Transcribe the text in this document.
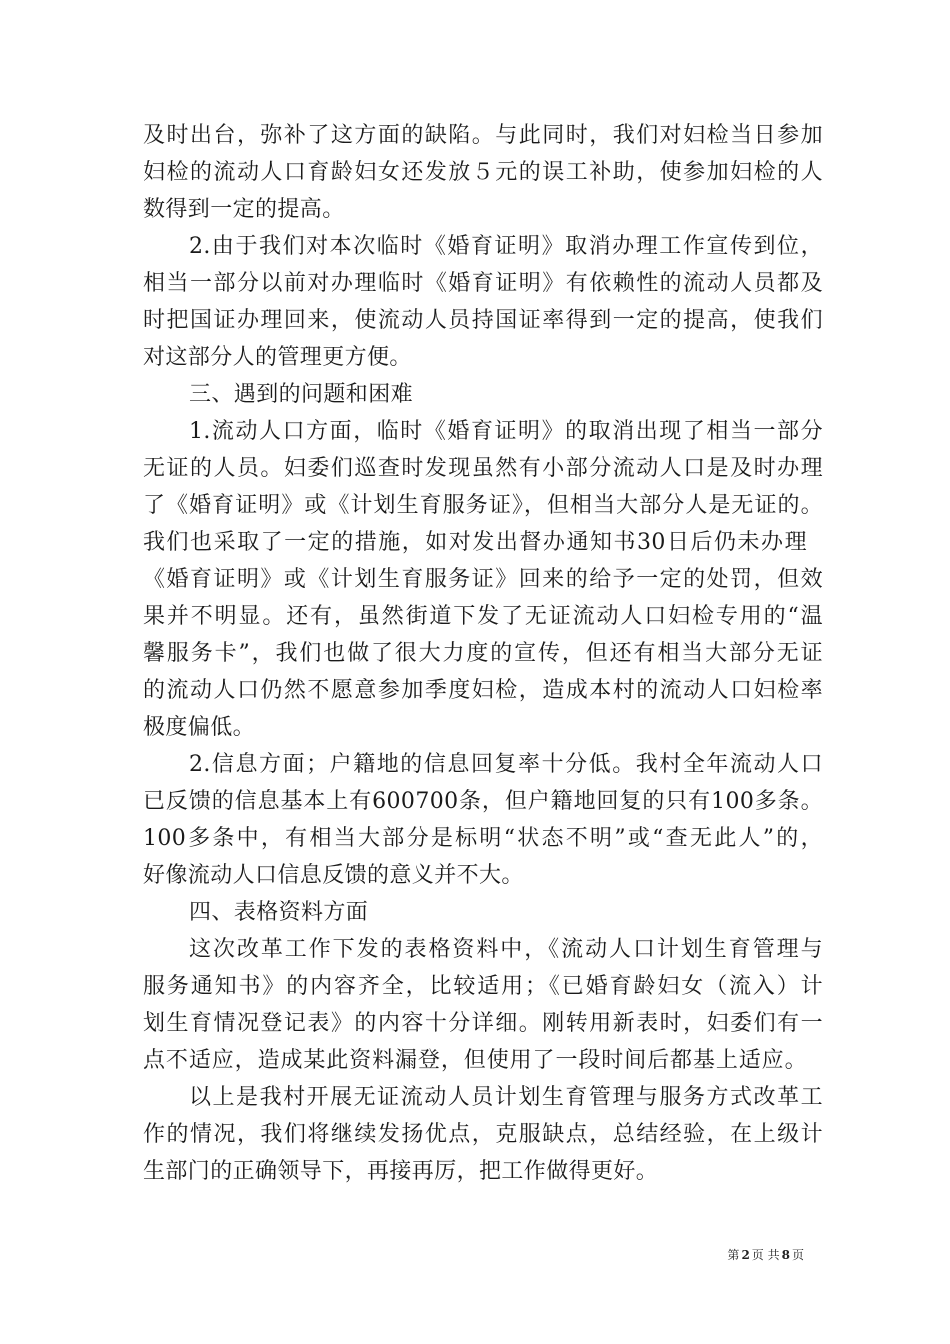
及时出台，弥补了这方面的缺陷。与此同时，我们对妇检当日参加
妇检的流动人口育龄妇女还发放５元的误工补助，使参加妇检的人
数得到一定的提高。
2.由于我们对本次临时《婚育证明》取消办理工作宣传到位，
相当一部分以前对办理临时《婚育证明》有依赖性的流动人员都及
时把国证办理回来，使流动人员持国证率得到一定的提高，使我们
对这部分人的管理更方便。
三、遇到的问题和困难
1.流动人口方面，临时《婚育证明》的取消出现了相当一部分
无证的人员。妇委们巡查时发现虽然有小部分流动人口是及时办理
了《婚育证明》或《计划生育服务证》，但相当大部分人是无证的。
我们也采取了一定的措施，如对发出督办通知书30日后仍未办理
《婚育证明》或《计划生育服务证》回来的给予一定的处罚，但效
果并不明显。还有，虽然街道下发了无证流动人口妇检专用的“温
馨服务卡”，我们也做了很大力度的宣传，但还有相当大部分无证
的流动人口仍然不愿意参加季度妇检，造成本村的流动人口妇检率
极度偏低。
2.信息方面；户籍地的信息回复率十分低。我村全年流动人口
已反馈的信息基本上有600700条，但户籍地回复的只有100多条。
100多条中，有相当大部分是标明“状态不明”或“查无此人”的，
好像流动人口信息反馈的意义并不大。
四、表格资料方面
这次改革工作下发的表格资料中，《流动人口计划生育管理与
服务通知书》的内容齐全，比较适用；《已婚育龄妇女（流入）计
划生育情况登记表》的内容十分详细。刚转用新表时，妇委们有一
点不适应，造成某此资料漏登，但使用了一段时间后都基上适应。
以上是我村开展无证流动人员计划生育管理与服务方式改革工
作的情况，我们将继续发扬优点，克服缺点，总结经验，在上级计
生部门的正确领导下，再接再厉，把工作做得更好。
第 2 页 共 8 页
